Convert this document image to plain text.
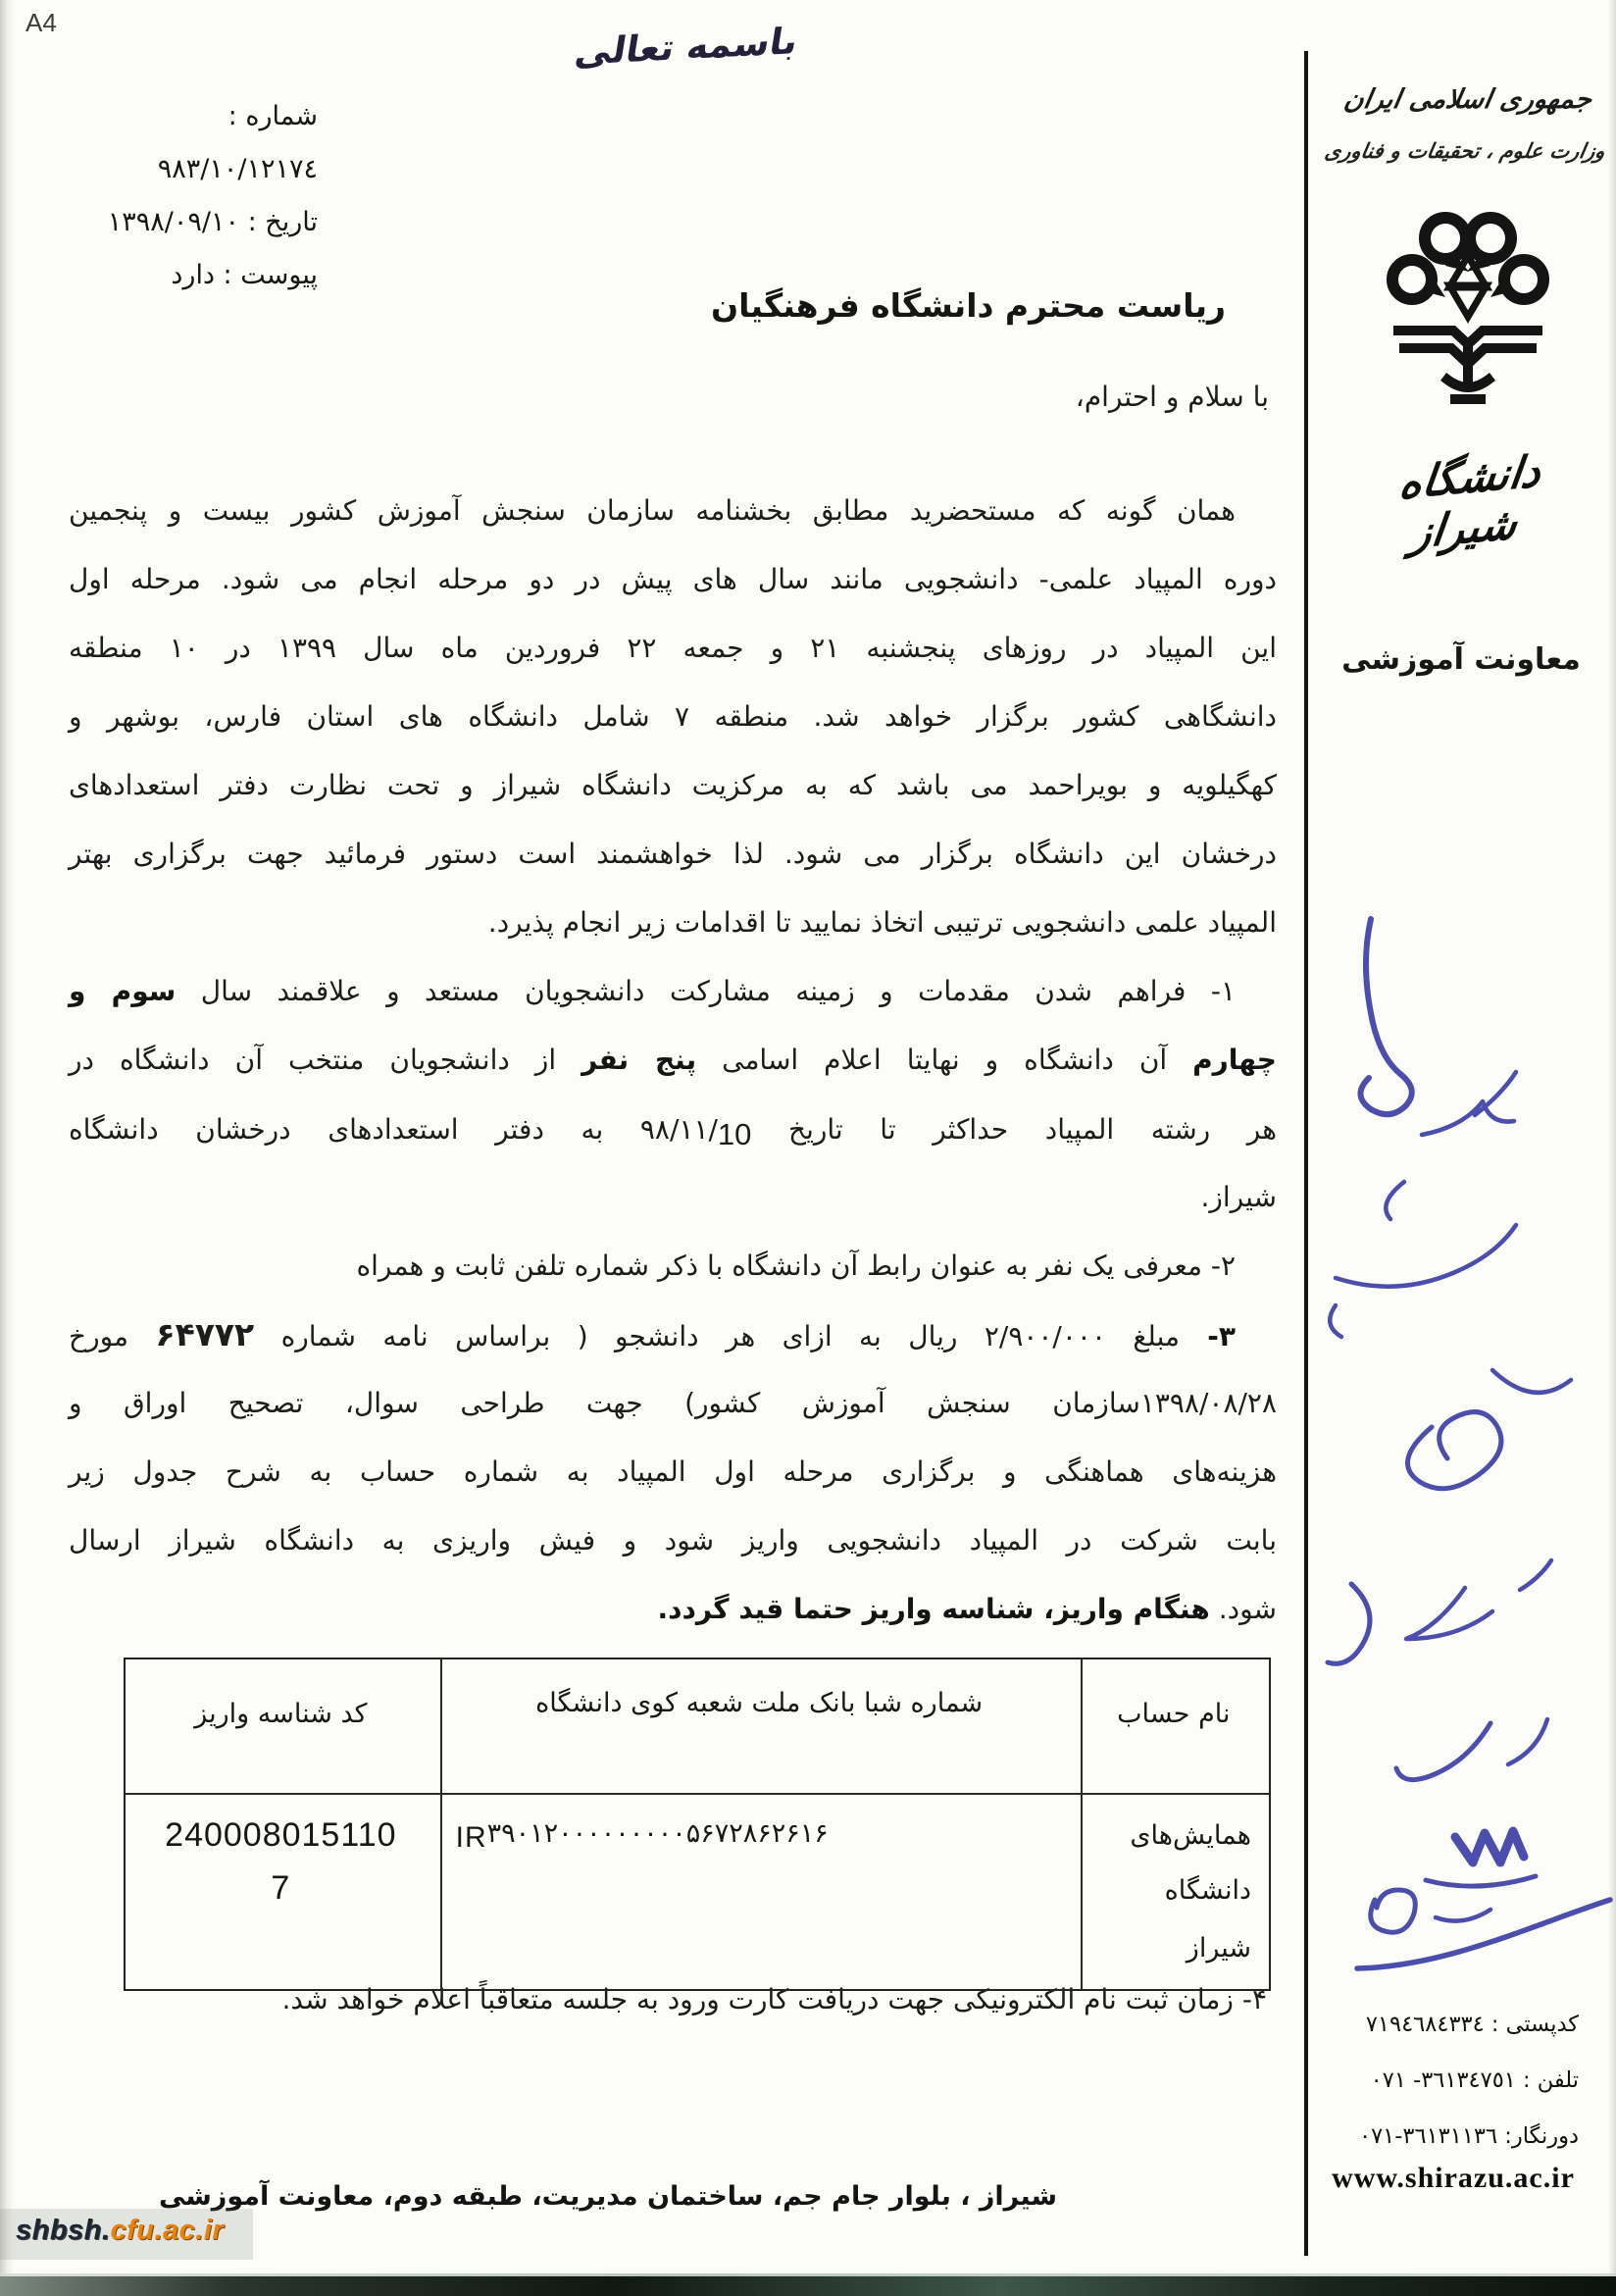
A4	باسمه تعالی
شماره :
٩٨٣/١٠/١٢١٧٤
تاریخ : ١٣٩٨/٠٩/١٠
پیوست : دارد
جمهوری اسلامی ایران
وزارت علوم ، تحقیقات و فناوری
دانشگاه شیراز
معاونت آموزشی
ریاست محترم دانشگاه فرهنگیان
با سلام و احترام،
همان گونه که مستحضرید مطابق بخشنامه سازمان سنجش آموزش کشور بیست و پنجمین
دوره المپیاد علمی- دانشجویی مانند سال های پیش در دو مرحله انجام می شود. مرحله اول
این المپیاد در روزهای پنجشنبه ۲۱ و جمعه ۲۲ فروردین ماه سال ۱۳۹۹ در ۱۰ منطقه
دانشگاهی کشور برگزار خواهد شد. منطقه ۷ شامل دانشگاه های استان فارس، بوشهر و
کهگیلویه و بویراحمد می باشد که به مرکزیت دانشگاه شیراز و تحت نظارت دفتر استعدادهای
درخشان این دانشگاه برگزار می شود. لذا خواهشمند است دستور فرمائید جهت برگزاری بهتر
المپیاد علمی دانشجویی ترتیبی اتخاذ نمایید تا اقدامات زیر انجام پذیرد.
۱- فراهم شدن مقدمات و زمینه مشارکت دانشجویان مستعد و علاقمند سال سوم و
چهارم آن دانشگاه و نهایتا اعلام اسامی پنج نفر از دانشجویان منتخب آن دانشگاه در
هر رشته المپیاد حداکثر تا تاریخ ۹۸/۱۱/10 به دفتر استعدادهای درخشان دانشگاه
شیراز.
۲- معرفی یک نفر به عنوان رابط آن دانشگاه با ذکر شماره تلفن ثابت و همراه
۳- مبلغ ۲/۹۰۰/۰۰۰ ریال به ازای هر دانشجو ( براساس نامه شماره ۶۴۷۷۲ مورخ
۱۳۹۸/۰۸/۲۸سازمان سنجش آموزش کشور) جهت طراحی سوال، تصحیح اوراق و
هزینه‌های هماهنگی و برگزاری مرحله اول المپیاد به شماره حساب به شرح جدول زیر
بابت شرکت در المپیاد دانشجویی واریز شود و فیش واریزی به دانشگاه شیراز ارسال
شود. هنگام واریز، شناسه واریز حتما قید گردد.
۴- زمان ثبت نام الکترونیکی جهت دریافت کارت ورود به جلسه متعاقباً اعلام خواهد شد.
نام حساب
شماره شبا بانک ملت شعبه کوی دانشگاه
کد شناسه واریز
همایش‌های دانشگاه
شیراز
IR۳۹۰۱۲۰۰۰۰۰۰۰۰۰۵۶۷۲۸۶۲۶۱۶
240008015110
7
کدپستی : ٧١٩٤٦٨٤٣٣٤
تلفن : ٣٦١٣٤٧٥١- ٠٧١
دورنگار: ٣٦١٣١١٣٦-٠٧١
www.shirazu.ac.ir
شیراز ، بلوار جام جم، ساختمان مدیریت، طبقه دوم، معاونت آموزشی
shbsh.cfu.ac.ir
